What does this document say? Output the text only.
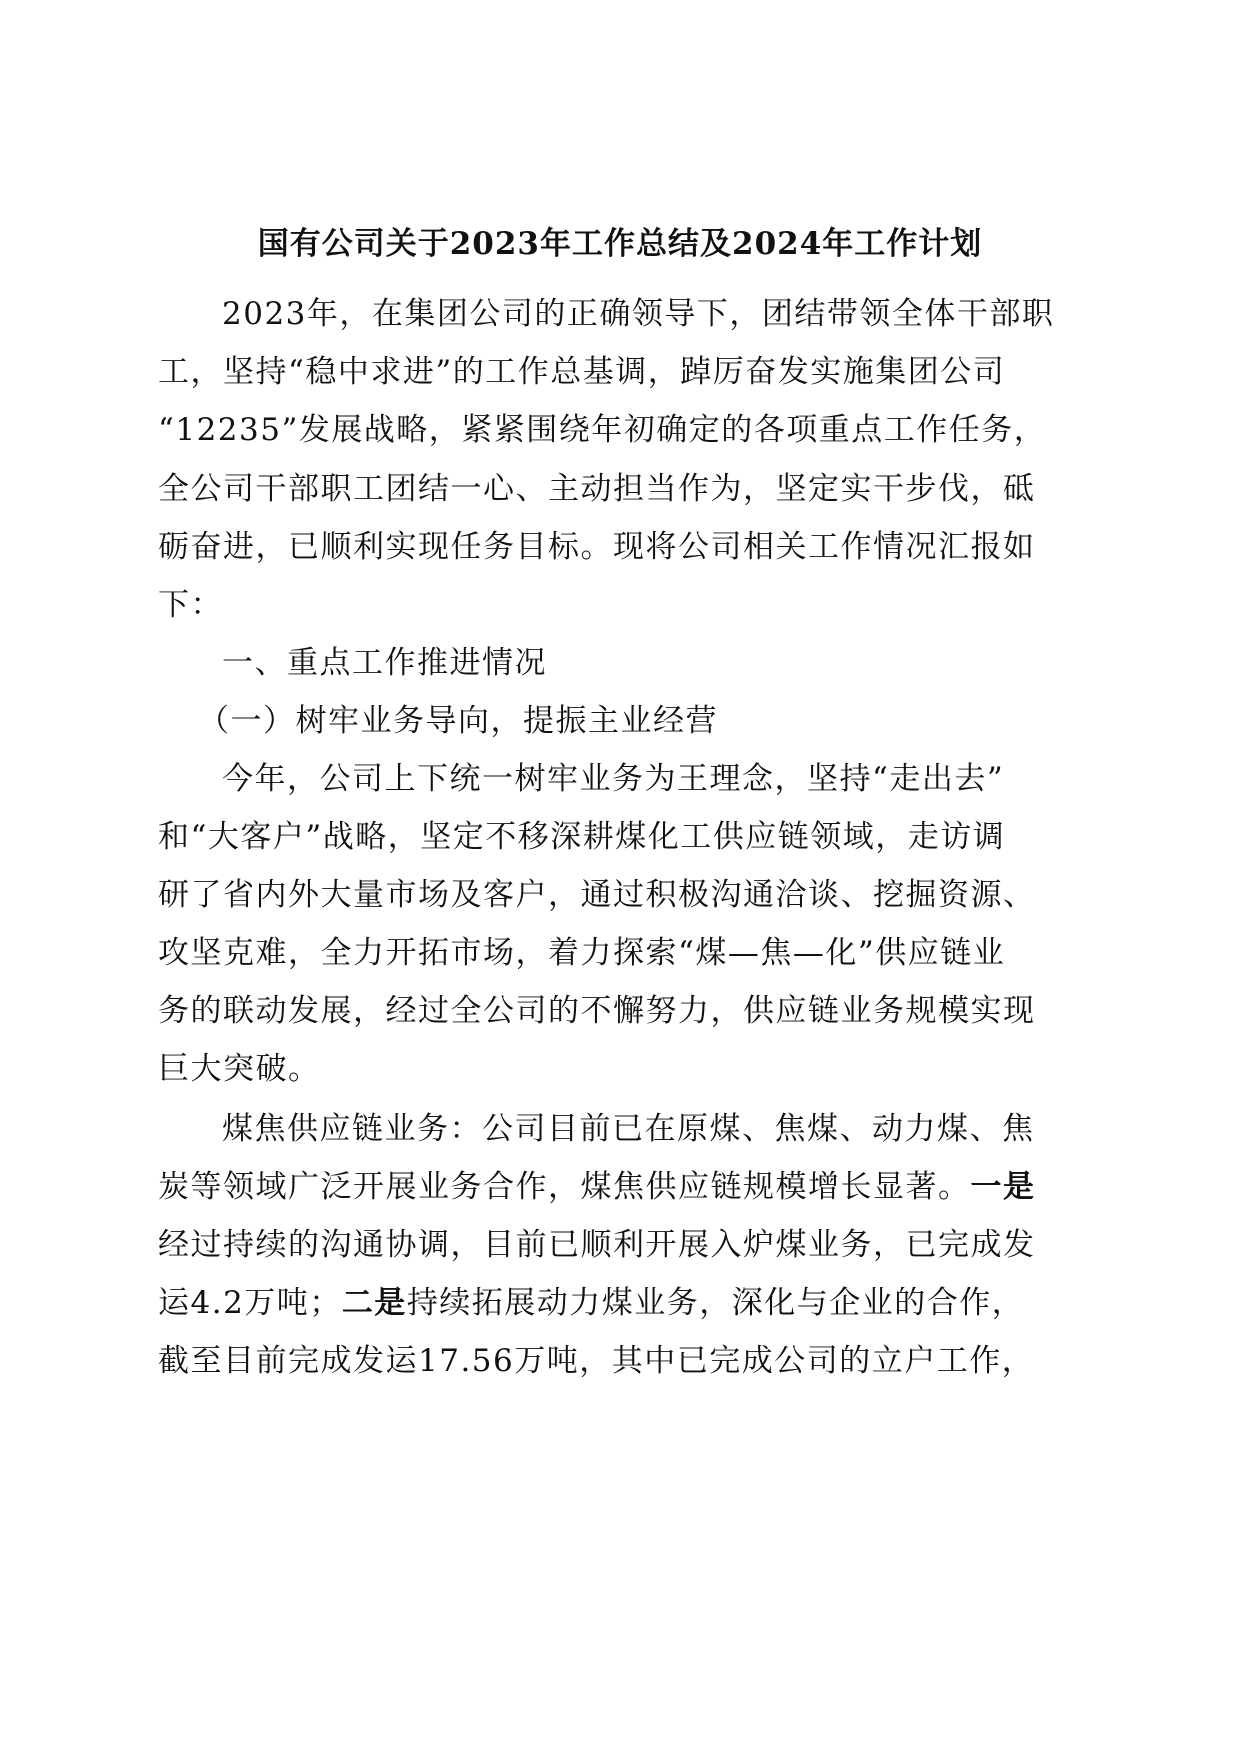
国有公司关于2023年工作总结及2024年工作计划
2023年，在集团公司的正确领导下，团结带领全体干部职
工，坚持“稳中求进”的工作总基调，踔厉奋发实施集团公司
“12235”发展战略，紧紧围绕年初确定的各项重点工作任务，
全公司干部职工团结一心、主动担当作为，坚定实干步伐，砥
砺奋进，已顺利实现任务目标。现将公司相关工作情况汇报如
下：
一、重点工作推进情况
（一）树牢业务导向，提振主业经营
今年，公司上下统一树牢业务为王理念，坚持“走出去”
和“大客户”战略，坚定不移深耕煤化工供应链领域，走访调
研了省内外大量市场及客户，通过积极沟通洽谈、挖掘资源、
攻坚克难，全力开拓市场，着力探索“煤—焦—化”供应链业
务的联动发展，经过全公司的不懈努力，供应链业务规模实现
巨大突破。
煤焦供应链业务：公司目前已在原煤、焦煤、动力煤、焦
炭等领域广泛开展业务合作，煤焦供应链规模增长显著。一是
经过持续的沟通协调，目前已顺利开展入炉煤业务，已完成发
运4.2万吨；二是持续拓展动力煤业务，深化与企业的合作，
截至目前完成发运17.56万吨，其中已完成公司的立户工作，
